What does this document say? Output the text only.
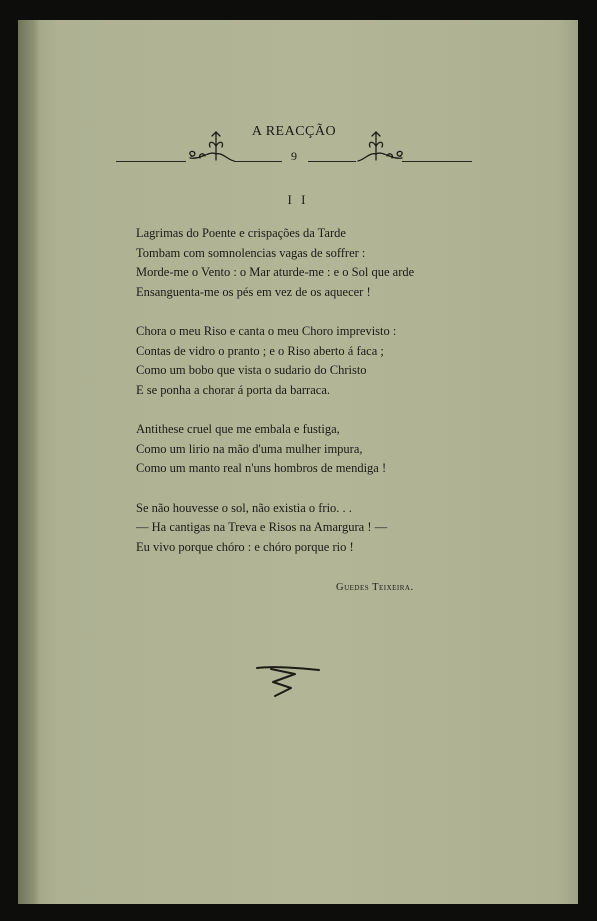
A REACÇÃO
9
I I
Lagrimas do Poente e crispações da Tarde
Tombam com somnolencias vagas de soffrer :
Morde-me o Vento : o Mar aturde-me : e o Sol que arde
Ensanguenta-me os pés em vez de os aquecer !
Chora o meu Riso e canta o meu Choro imprevisto :
Contas de vidro o pranto ; e o Riso aberto á faca ;
Como um bobo que vista o sudario do Christo
E se ponha a chorar á porta da barraca.
Antithese cruel que me embala e fustiga,
Como um lirio na mão d'uma mulher impura,
Como um manto real n'uns hombros de mendiga !
Se não houvesse o sol, não existia o frio. . .
— Ha cantigas na Treva e Risos na Amargura ! —
Eu vivo porque chóro : e chóro porque rio !
Guedes Teixeira.
